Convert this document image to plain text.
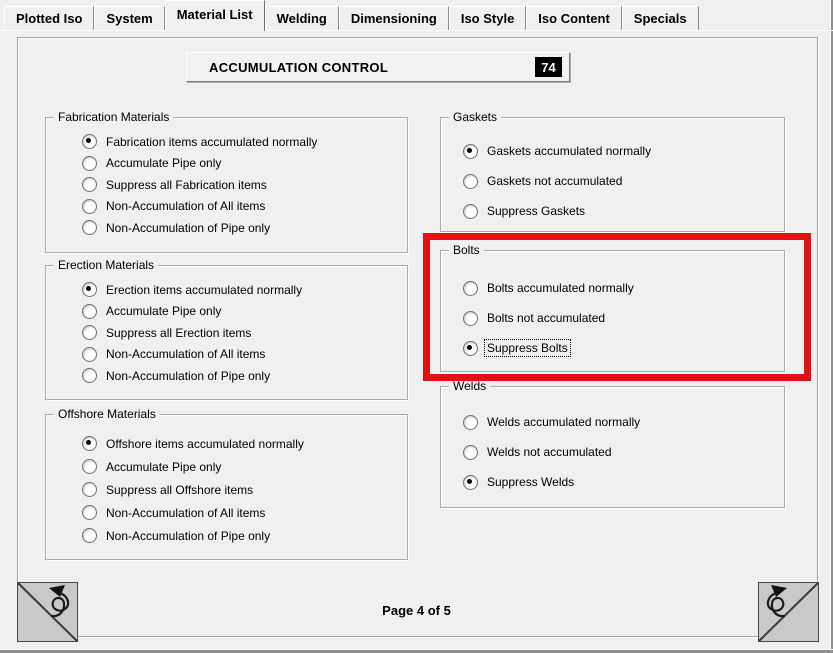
Plotted Iso	System	Material List	Welding	Dimensioning	Iso Style	Iso Content	Specials
ACCUMULATION CONTROL	74
Fabrication Materials
Fabrication items accumulated normally
Accumulate Pipe only
Suppress all Fabrication items
Non-Accumulation of All items
Non-Accumulation of Pipe only
Erection Materials
Erection items accumulated normally
Accumulate Pipe only
Suppress all Erection items
Non-Accumulation of All items
Non-Accumulation of Pipe only
Offshore Materials
Offshore items accumulated normally
Accumulate Pipe only
Suppress all Offshore items
Non-Accumulation of All items
Non-Accumulation of Pipe only
Gaskets
Gaskets accumulated normally
Gaskets not accumulated
Suppress Gaskets
Bolts
Bolts accumulated normally
Bolts not accumulated
Suppress Bolts
Welds
Welds accumulated normally
Welds not accumulated
Suppress Welds
Page 4 of 5
